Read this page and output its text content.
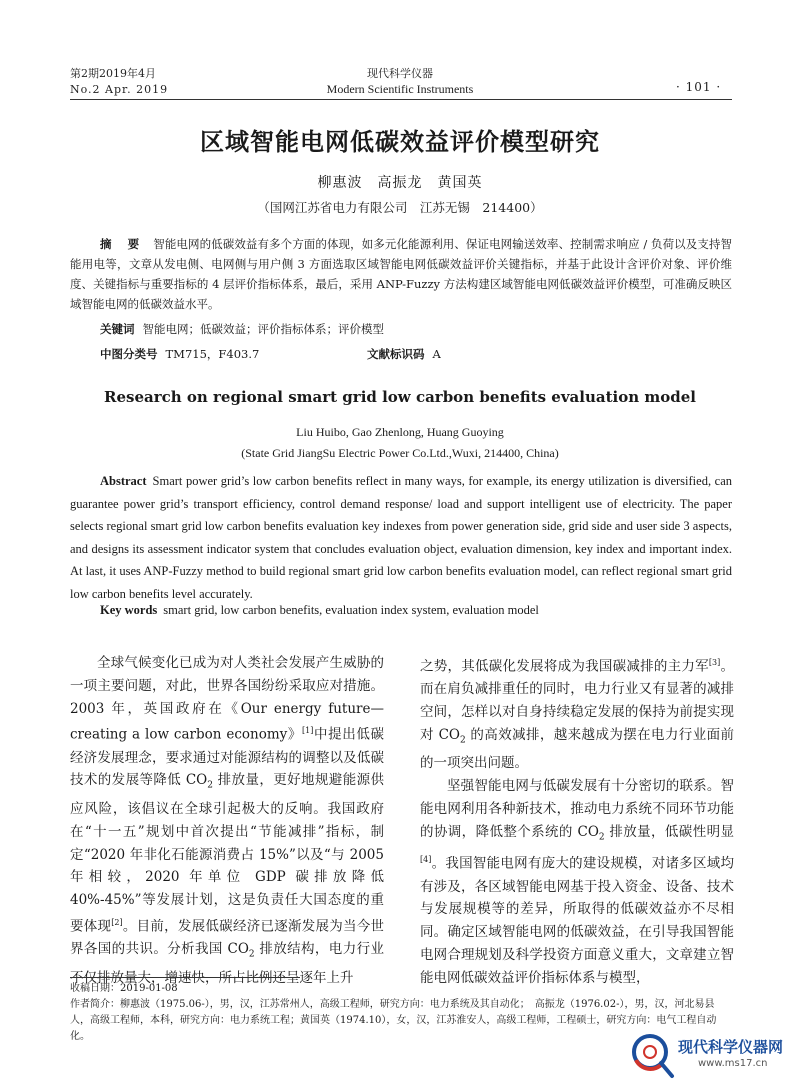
第2期2019年4月
No.2 Apr. 2019
现代科学仪器
Modern Scientific Instruments	· 101 ·
区域智能电网低碳效益评价模型研究
柳惠波　高振龙　黄国英
（国网江苏省电力有限公司　江苏无锡　214400）
摘 要 智能电网的低碳效益有多个方面的体现，如多元化能源利用、保证电网输送效率、控制需求响应 / 负荷以及支持智能用电等，文章从发电侧、电网侧与用户侧 3 方面选取区域智能电网低碳效益评价关键指标，并基于此设计含评价对象、评价维度、关键指标与重要指标的 4 层评价指标体系，最后，采用 ANP-Fuzzy 方法构建区域智能电网低碳效益评价模型，可准确反映区域智能电网的低碳效益水平。
关键词 智能电网；低碳效益；评价指标体系；评价模型
中图分类号 TM715，F403.7	文献标识码 A
Research on regional smart grid low carbon benefits evaluation model
Liu Huibo, Gao Zhenlong, Huang Guoying
(State Grid JiangSu Electric Power Co.Ltd.,Wuxi, 214400, China)
Abstract Smart power grid’s low carbon benefits reflect in many ways, for example, its energy utilization is diversified, can guarantee power grid’s transport efficiency, control demand response/ load and support intelligent use of electricity. The paper selects regional smart grid low carbon benefits evaluation key indexes from power generation side, grid side and user side 3 aspects, and designs its assessment indicator system that concludes evaluation object, evaluation dimension, key index and important index. At last, it uses ANP-Fuzzy method to build regional smart grid low carbon benefits evaluation model, can reflect regional smart grid low carbon benefits level accurately.
Key words smart grid, low carbon benefits, evaluation index system, evaluation model

全球气候变化已成为对人类社会发展产生威胁的一项主要问题，对此，世界各国纷纷采取应对措施。2003 年，英国政府在《Our energy future—creating a low carbon economy》[1]中提出低碳经济发展理念，要求通过对能源结构的调整以及低碳技术的发展等降低 $CO_2$ 排放量，更好地规避能源供应风险，该倡议在全球引起极大的反响。我国政府在“十一五”规划中首次提出“节能减排”指标，制定“2020 年非化石能源消费占 15%”以及“与 2005 年相较，2020 年单位 GDP 碳排放降低 40%-45%”等发展计划，这是负责任大国态度的重要体现[2]。目前，发展低碳经济已逐渐发展为当今世界各国的共识。分析我国 $CO_2$ 排放结构，电力行业不仅排放量大，增速快，所占比例还呈逐年上升

之势，其低碳化发展将成为我国碳减排的主力军[3]。而在肩负减排重任的同时，电力行业又有显著的减排空间，怎样以对自身持续稳定发展的保持为前提实现对 $CO_2$ 的高效减排，越来越成为摆在电力行业面前的一项突出问题。

坚强智能电网与低碳发展有十分密切的联系。智能电网利用各种新技术，推动电力系统不同环节功能的协调，降低整个系统的 $CO_2$ 排放量，低碳性明显[4]。我国智能电网有庞大的建设规模，对诸多区域均有涉及，各区域智能电网基于投入资金、设备、技术与发展规模等的差异，所取得的低碳效益亦不尽相同。确定区域智能电网的低碳效益，在引导我国智能电网合理规划及科学投资方面意义重大，文章建立智能电网低碳效益评价指标体系与模型，

收稿日期：2019-01-08

作者简介：柳惠波（1975.06-），男，汉，江苏常州人，高级工程师，研究方向：电力系统及其自动化；　高振龙（1976.02-），男，汉，河北易县人，高级工程师，本科，研究方向：电力系统工程；黄国英（1974.10），女，汉，江苏淮安人，高级工程师，工程硕士，研究方向：电气工程自动化。

现代科学仪器网
www.ms17.cn
